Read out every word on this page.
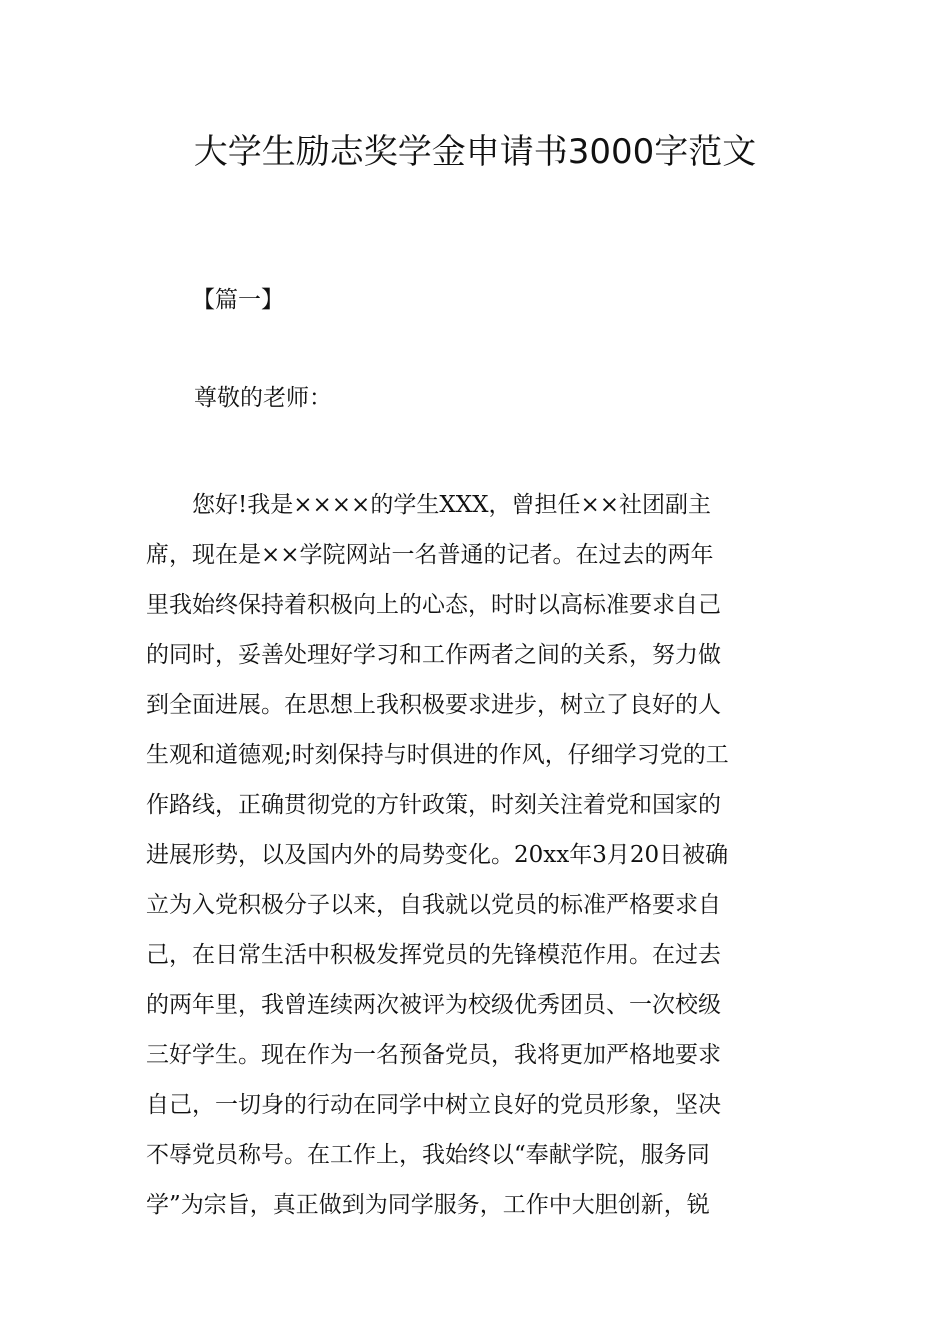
大学生励志奖学金申请书3000字范文
【篇一】
尊敬的老师：
　　您好!我是××××的学生XXX，曾担任××社团副主
席，现在是××学院网站一名普通的记者。在过去的两年
里我始终保持着积极向上的心态，时时以高标准要求自己
的同时，妥善处理好学习和工作两者之间的关系，努力做
到全面进展。在思想上我积极要求进步，树立了良好的人
生观和道德观;时刻保持与时俱进的作风，仔细学习党的工
作路线，正确贯彻党的方针政策，时刻关注着党和国家的
进展形势，以及国内外的局势变化。20xx年3月20日被确
立为入党积极分子以来，自我就以党员的标准严格要求自
己，在日常生活中积极发挥党员的先锋模范作用。在过去
的两年里，我曾连续两次被评为校级优秀团员、一次校级
三好学生。现在作为一名预备党员，我将更加严格地要求
自己，一切身的行动在同学中树立良好的党员形象，坚决
不辱党员称号。在工作上，我始终以“奉献学院，服务同
学”为宗旨，真正做到为同学服务，工作中大胆创新，锐
